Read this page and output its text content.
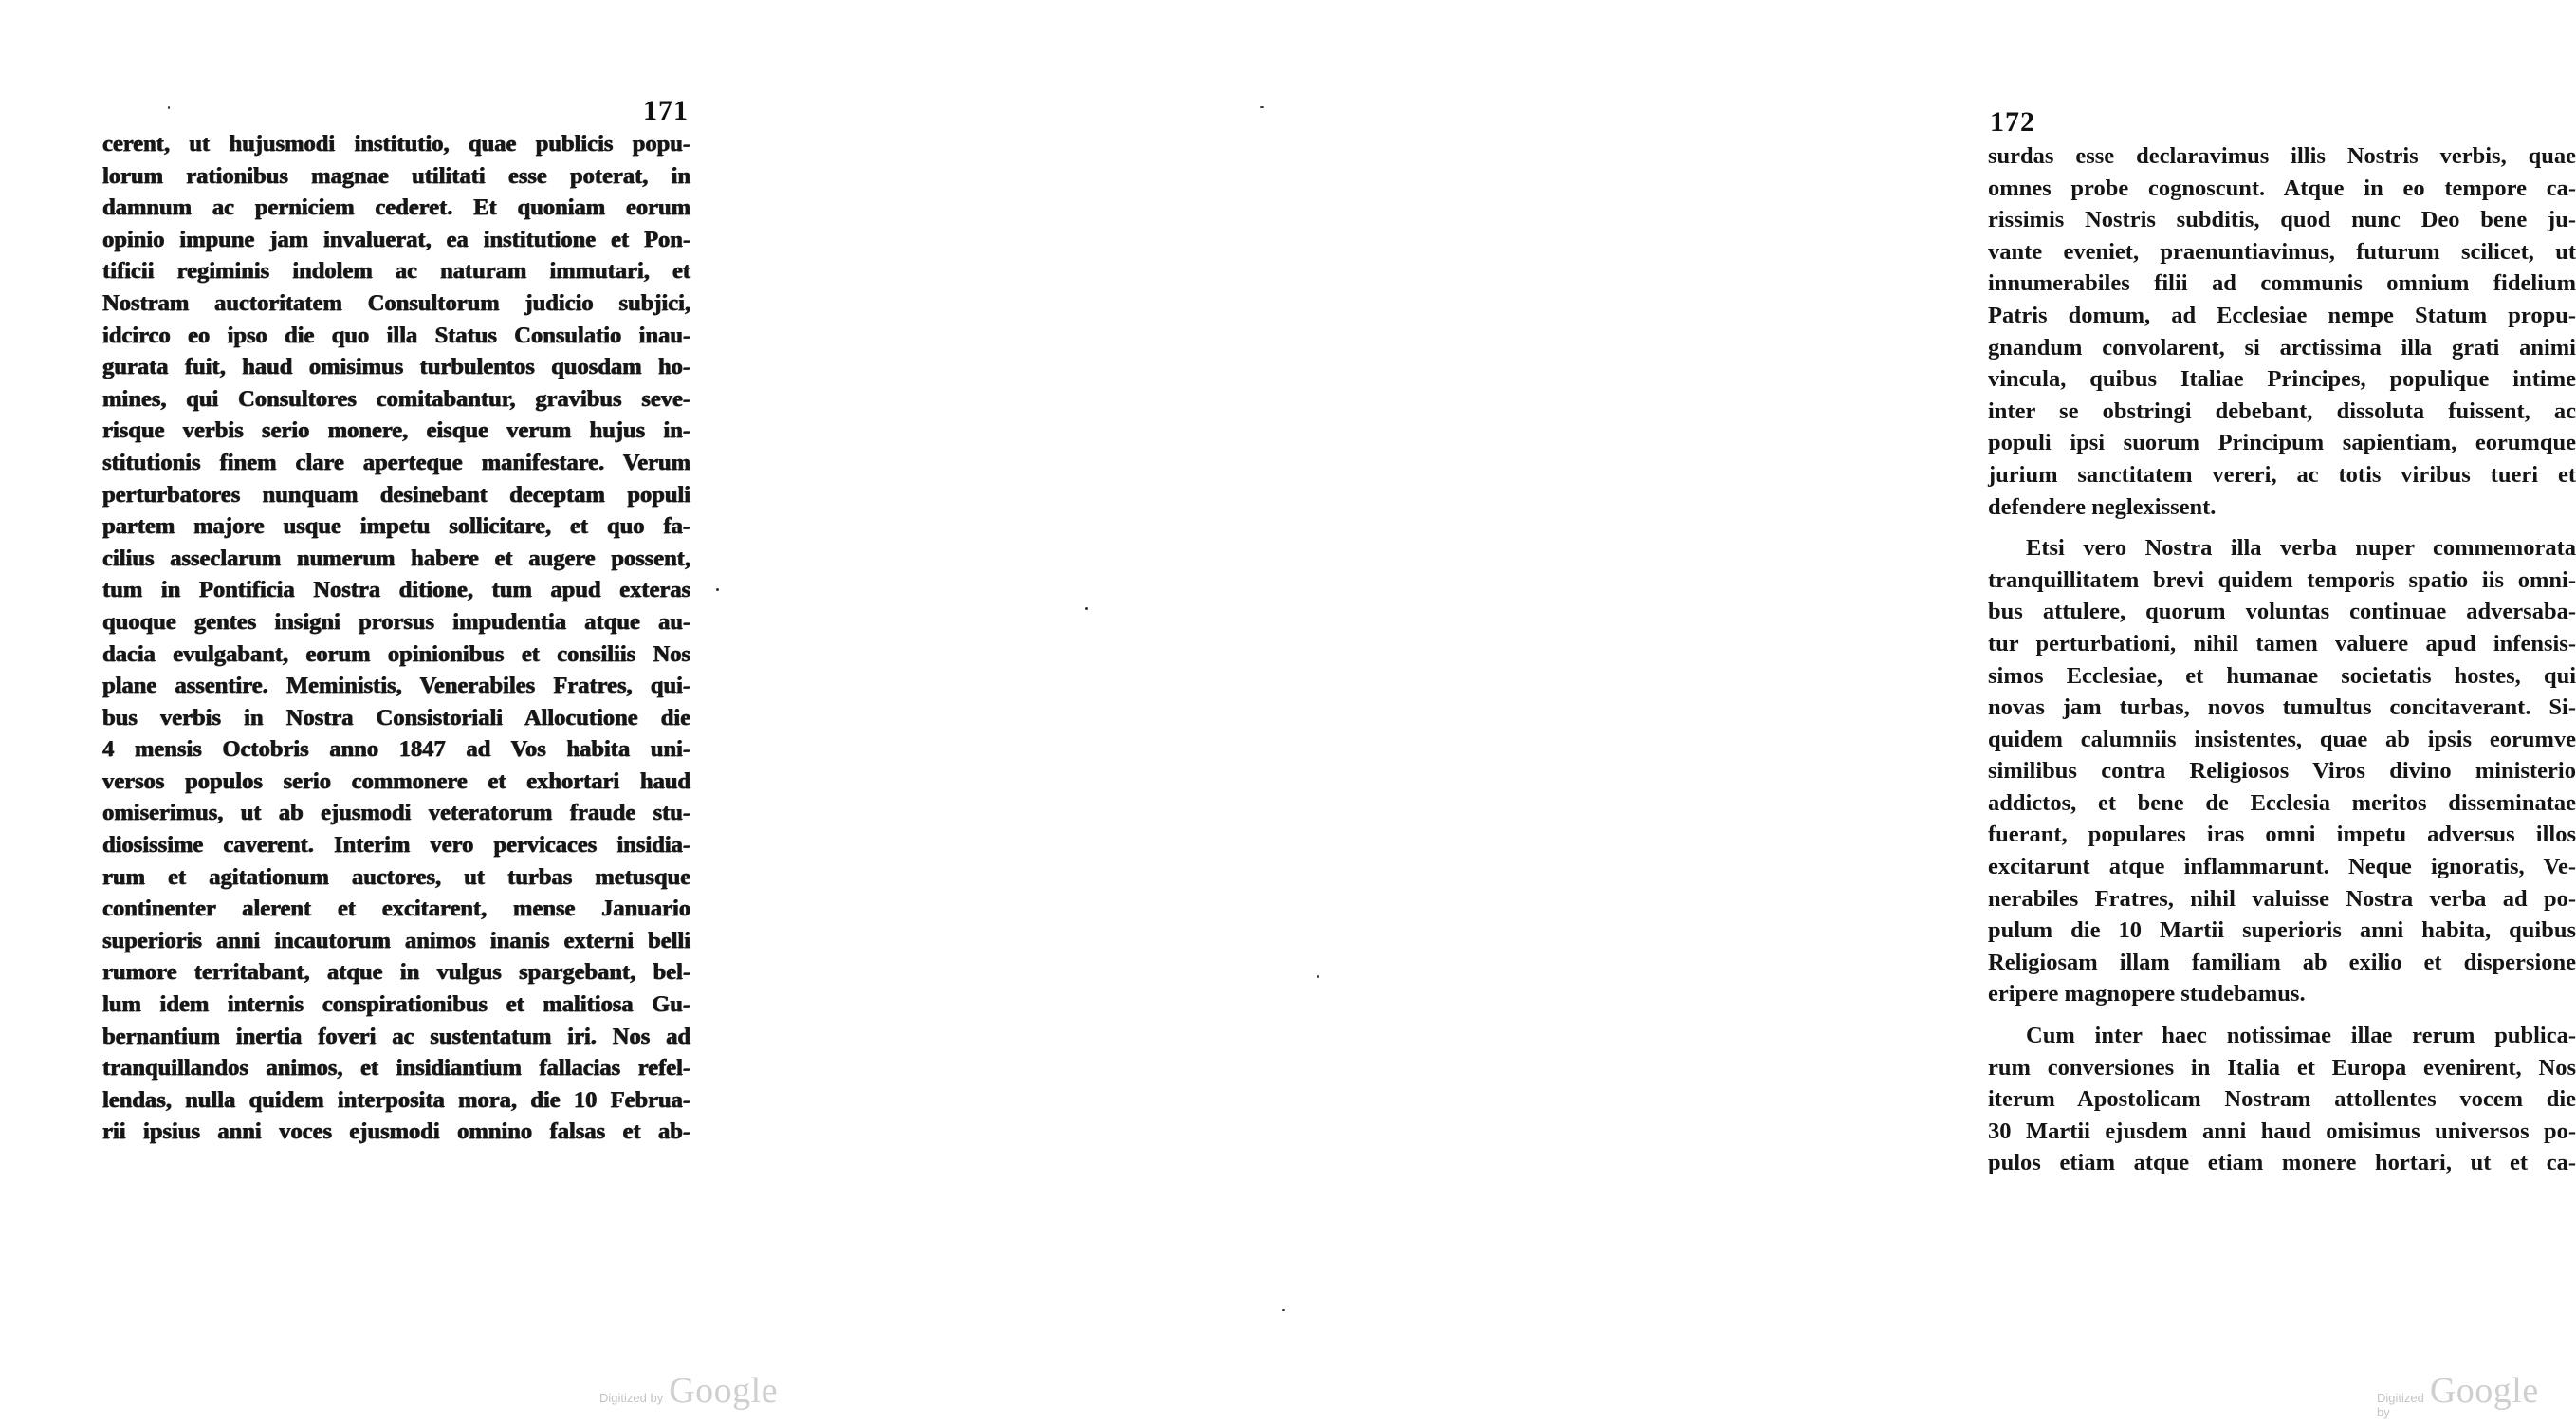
171
cerent, ut hujusmodi institutio, quae publicis popu-
lorum rationibus magnae utilitati esse poterat, in
damnum ac perniciem cederet. Et quoniam eorum
opinio impune jam invaluerat, ea institutione et Pon-
tificii regiminis indolem ac naturam immutari, et
Nostram auctoritatem Consultorum judicio subjici,
idcirco eo ipso die quo illa Status Consulatio inau-
gurata fuit, haud omisimus turbulentos quosdam ho-
mines, qui Consultores comitabantur, gravibus seve-
risque verbis serio monere, eisque verum hujus in-
stitutionis finem clare aperteque manifestare. Verum
perturbatores nunquam desinebant deceptam populi
partem majore usque impetu sollicitare, et quo fa-
cilius asseclarum numerum habere et augere possent,
tum in Pontificia Nostra ditione, tum apud exteras
quoque gentes insigni prorsus impudentia atque au-
dacia evulgabant, eorum opinionibus et consiliis Nos
plane assentire. Meministis, Venerabiles Fratres, qui-
bus verbis in Nostra Consistoriali Allocutione die
4 mensis Octobris anno 1847 ad Vos habita uni-
versos populos serio commonere et exhortari haud
omiserimus, ut ab ejusmodi veteratorum fraude stu-
diosissime caverent. Interim vero pervicaces insidia-
rum et agitationum auctores, ut turbas metusque
continenter alerent et excitarent, mense Januario
superioris anni incautorum animos inanis externi belli
rumore territabant, atque in vulgus spargebant, bel-
lum idem internis conspirationibus et malitiosa Gu-
bernantium inertia foveri ac sustentatum iri. Nos ad
tranquillandos animos, et insidiantium fallacias refel-
lendas, nulla quidem interposita mora, die 10 Februa-
rii ipsius anni voces ejusmodi omnino falsas et ab-
Digitized by Google
172
surdas esse declaravimus illis Nostris verbis, quae
omnes probe cognoscunt. Atque in eo tempore ca-
rissimis Nostris subditis, quod nunc Deo bene ju-
vante eveniet, praenuntiavimus, futurum scilicet, ut
innumerabiles filii ad communis omnium fidelium
Patris domum, ad Ecclesiae nempe Statum propu-
gnandum convolarent, si arctissima illa grati animi
vincula, quibus Italiae Principes, populique intime
inter se obstringi debebant, dissoluta fuissent, ac
populi ipsi suorum Principum sapientiam, eorumque
jurium sanctitatem vereri, ac totis viribus tueri et
defendere neglexissent.
Etsi vero Nostra illa verba nuper commemorata
tranquillitatem brevi quidem temporis spatio iis omni-
bus attulere, quorum voluntas continuae adversaba-
tur perturbationi, nihil tamen valuere apud infensis-
simos Ecclesiae, et humanae societatis hostes, qui
novas jam turbas, novos tumultus concitaverant. Si-
quidem calumniis insistentes, quae ab ipsis eorumve
similibus contra Religiosos Viros divino ministerio
addictos, et bene de Ecclesia meritos disseminatae
fuerant, populares iras omni impetu adversus illos
excitarunt atque inflammarunt. Neque ignoratis, Ve-
nerabiles Fratres, nihil valuisse Nostra verba ad po-
pulum die 10 Martii superioris anni habita, quibus
Religiosam illam familiam ab exilio et dispersione
eripere magnopere studebamus.
Cum inter haec notissimae illae rerum publica-
rum conversiones in Italia et Europa evenirent, Nos
iterum Apostolicam Nostram attollentes vocem die
30 Martii ejusdem anni haud omisimus universos po-
pulos etiam atque etiam monere hortari, ut et ca-
Digitized by
Google
